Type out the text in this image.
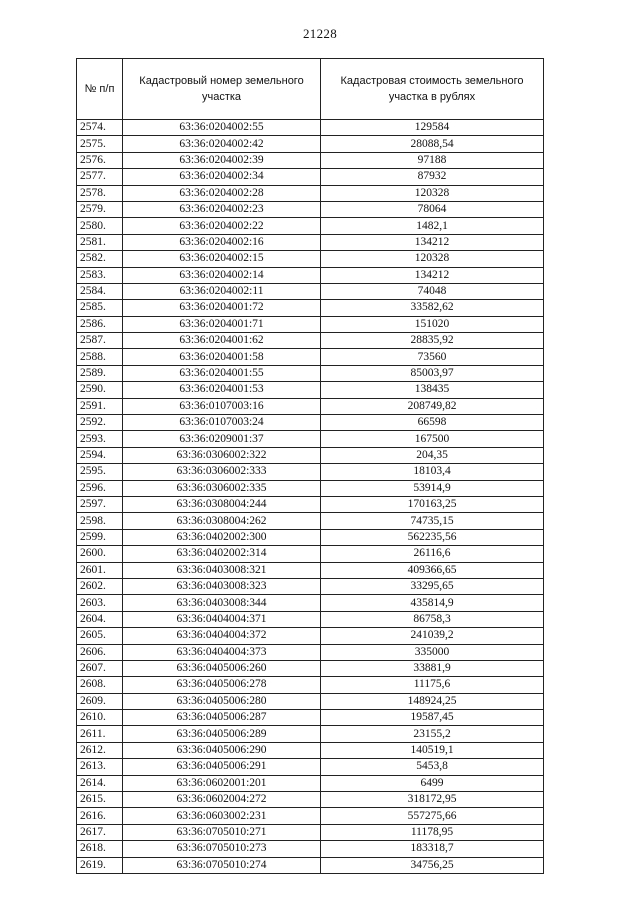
21228
№ п/п	Кадастровый номер земельного участка	Кадастровая стоимость земельного участка в рублях
2574.	63:36:0204002:55	129584
2575.	63:36:0204002:42	28088,54
2576.	63:36:0204002:39	97188
2577.	63:36:0204002:34	87932
2578.	63:36:0204002:28	120328
2579.	63:36:0204002:23	78064
2580.	63:36:0204002:22	1482,1
2581.	63:36:0204002:16	134212
2582.	63:36:0204002:15	120328
2583.	63:36:0204002:14	134212
2584.	63:36:0204002:11	74048
2585.	63:36:0204001:72	33582,62
2586.	63:36:0204001:71	151020
2587.	63:36:0204001:62	28835,92
2588.	63:36:0204001:58	73560
2589.	63:36:0204001:55	85003,97
2590.	63:36:0204001:53	138435
2591.	63:36:0107003:16	208749,82
2592.	63:36:0107003:24	66598
2593.	63:36:0209001:37	167500
2594.	63:36:0306002:322	204,35
2595.	63:36:0306002:333	18103,4
2596.	63:36:0306002:335	53914,9
2597.	63:36:0308004:244	170163,25
2598.	63:36:0308004:262	74735,15
2599.	63:36:0402002:300	562235,56
2600.	63:36:0402002:314	26116,6
2601.	63:36:0403008:321	409366,65
2602.	63:36:0403008:323	33295,65
2603.	63:36:0403008:344	435814,9
2604.	63:36:0404004:371	86758,3
2605.	63:36:0404004:372	241039,2
2606.	63:36:0404004:373	335000
2607.	63:36:0405006:260	33881,9
2608.	63:36:0405006:278	11175,6
2609.	63:36:0405006:280	148924,25
2610.	63:36:0405006:287	19587,45
2611.	63:36:0405006:289	23155,2
2612.	63:36:0405006:290	140519,1
2613.	63:36:0405006:291	5453,8
2614.	63:36:0602001:201	6499
2615.	63:36:0602004:272	318172,95
2616.	63:36:0603002:231	557275,66
2617.	63:36:0705010:271	11178,95
2618.	63:36:0705010:273	183318,7
2619.	63:36:0705010:274	34756,25
